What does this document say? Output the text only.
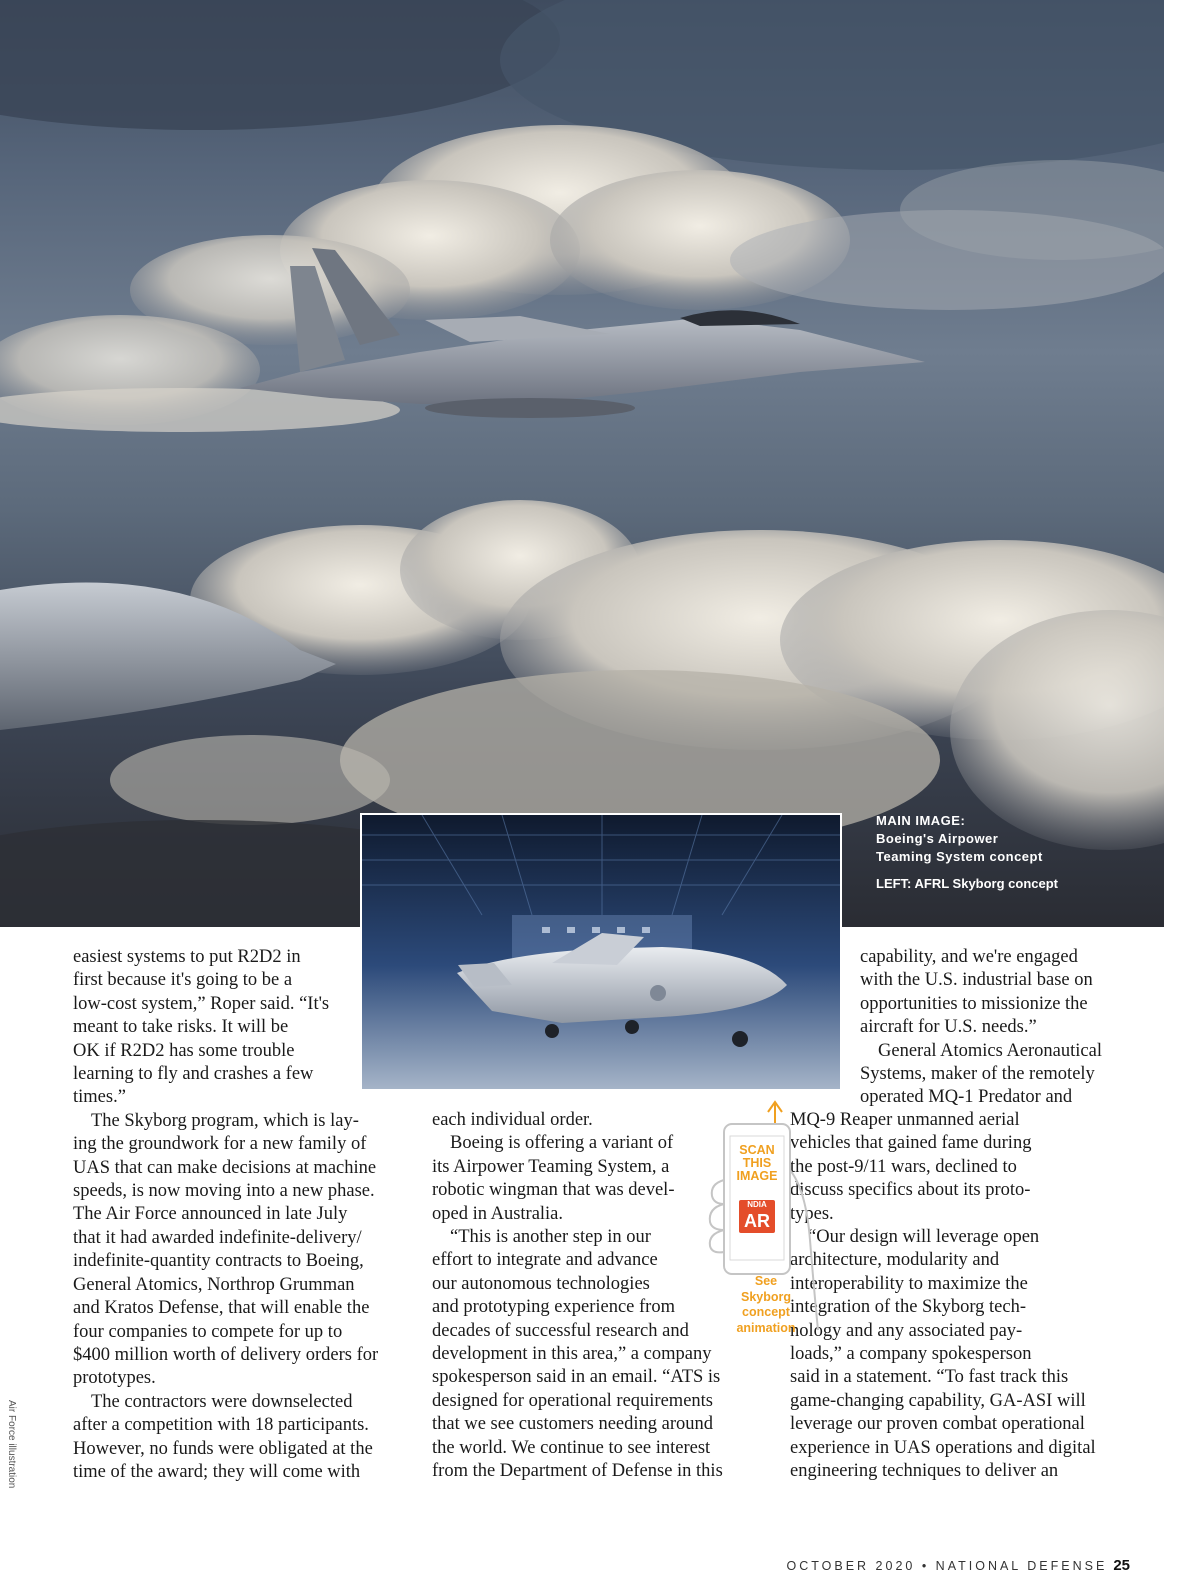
MAIN IMAGE:
Boeing's Airpower
Teaming System concept
LEFT: AFRL Skyborg concept
Air Force illustration

easiest systems to put R2D2 in
first because it's going to be a
low-cost system,” Roper said. “It's
meant to take risks. It will be
OK if R2D2 has some trouble
learning to fly and crashes a few
times.”

The Skyborg program, which is lay-
ing the groundwork for a new family of
UAS that can make decisions at machine
speeds, is now moving into a new phase.
The Air Force announced in late July
that it had awarded indefinite-delivery/
indefinite-quantity contracts to Boeing,
General Atomics, Northrop Grumman
and Kratos Defense, that will enable the
four companies to compete for up to
$400 million worth of delivery orders for
prototypes.

The contractors were downselected
after a competition with 18 participants.
However, no funds were obligated at the
time of the award; they will come with

each individual order.

Boeing is offering a variant of
its Airpower Teaming System, a
robotic wingman that was devel-
oped in Australia.

“This is another step in our
effort to integrate and advance
our autonomous technologies
and prototyping experience from
decades of successful research and
development in this area,” a company
spokesperson said in an email. “ATS is
designed for operational requirements
that we see customers needing around
the world. We continue to see interest
from the Department of Defense in this

capability, and we're engaged
with the U.S. industrial base on
opportunities to missionize the
aircraft for U.S. needs.”

General Atomics Aeronautical
Systems, maker of the remotely
operated MQ-1 Predator and

MQ-9 Reaper unmanned aerial
vehicles that gained fame during
the post-9/11 wars, declined to
discuss specifics about its proto-
types.

“Our design will leverage open
architecture, modularity and
interoperability to maximize the
integration of the Skyborg tech-
nology and any associated pay-
loads,” a company spokesperson
said in a statement. “To fast track this
game-changing capability, GA-ASI will
leverage our proven combat operational
experience in UAS operations and digital
engineering techniques to deliver an

SCAN
THIS
IMAGE
NDIA
AR
See
Skyborg
concept
animation
OCTOBER 2020 • NATIONAL DEFENSE 25
